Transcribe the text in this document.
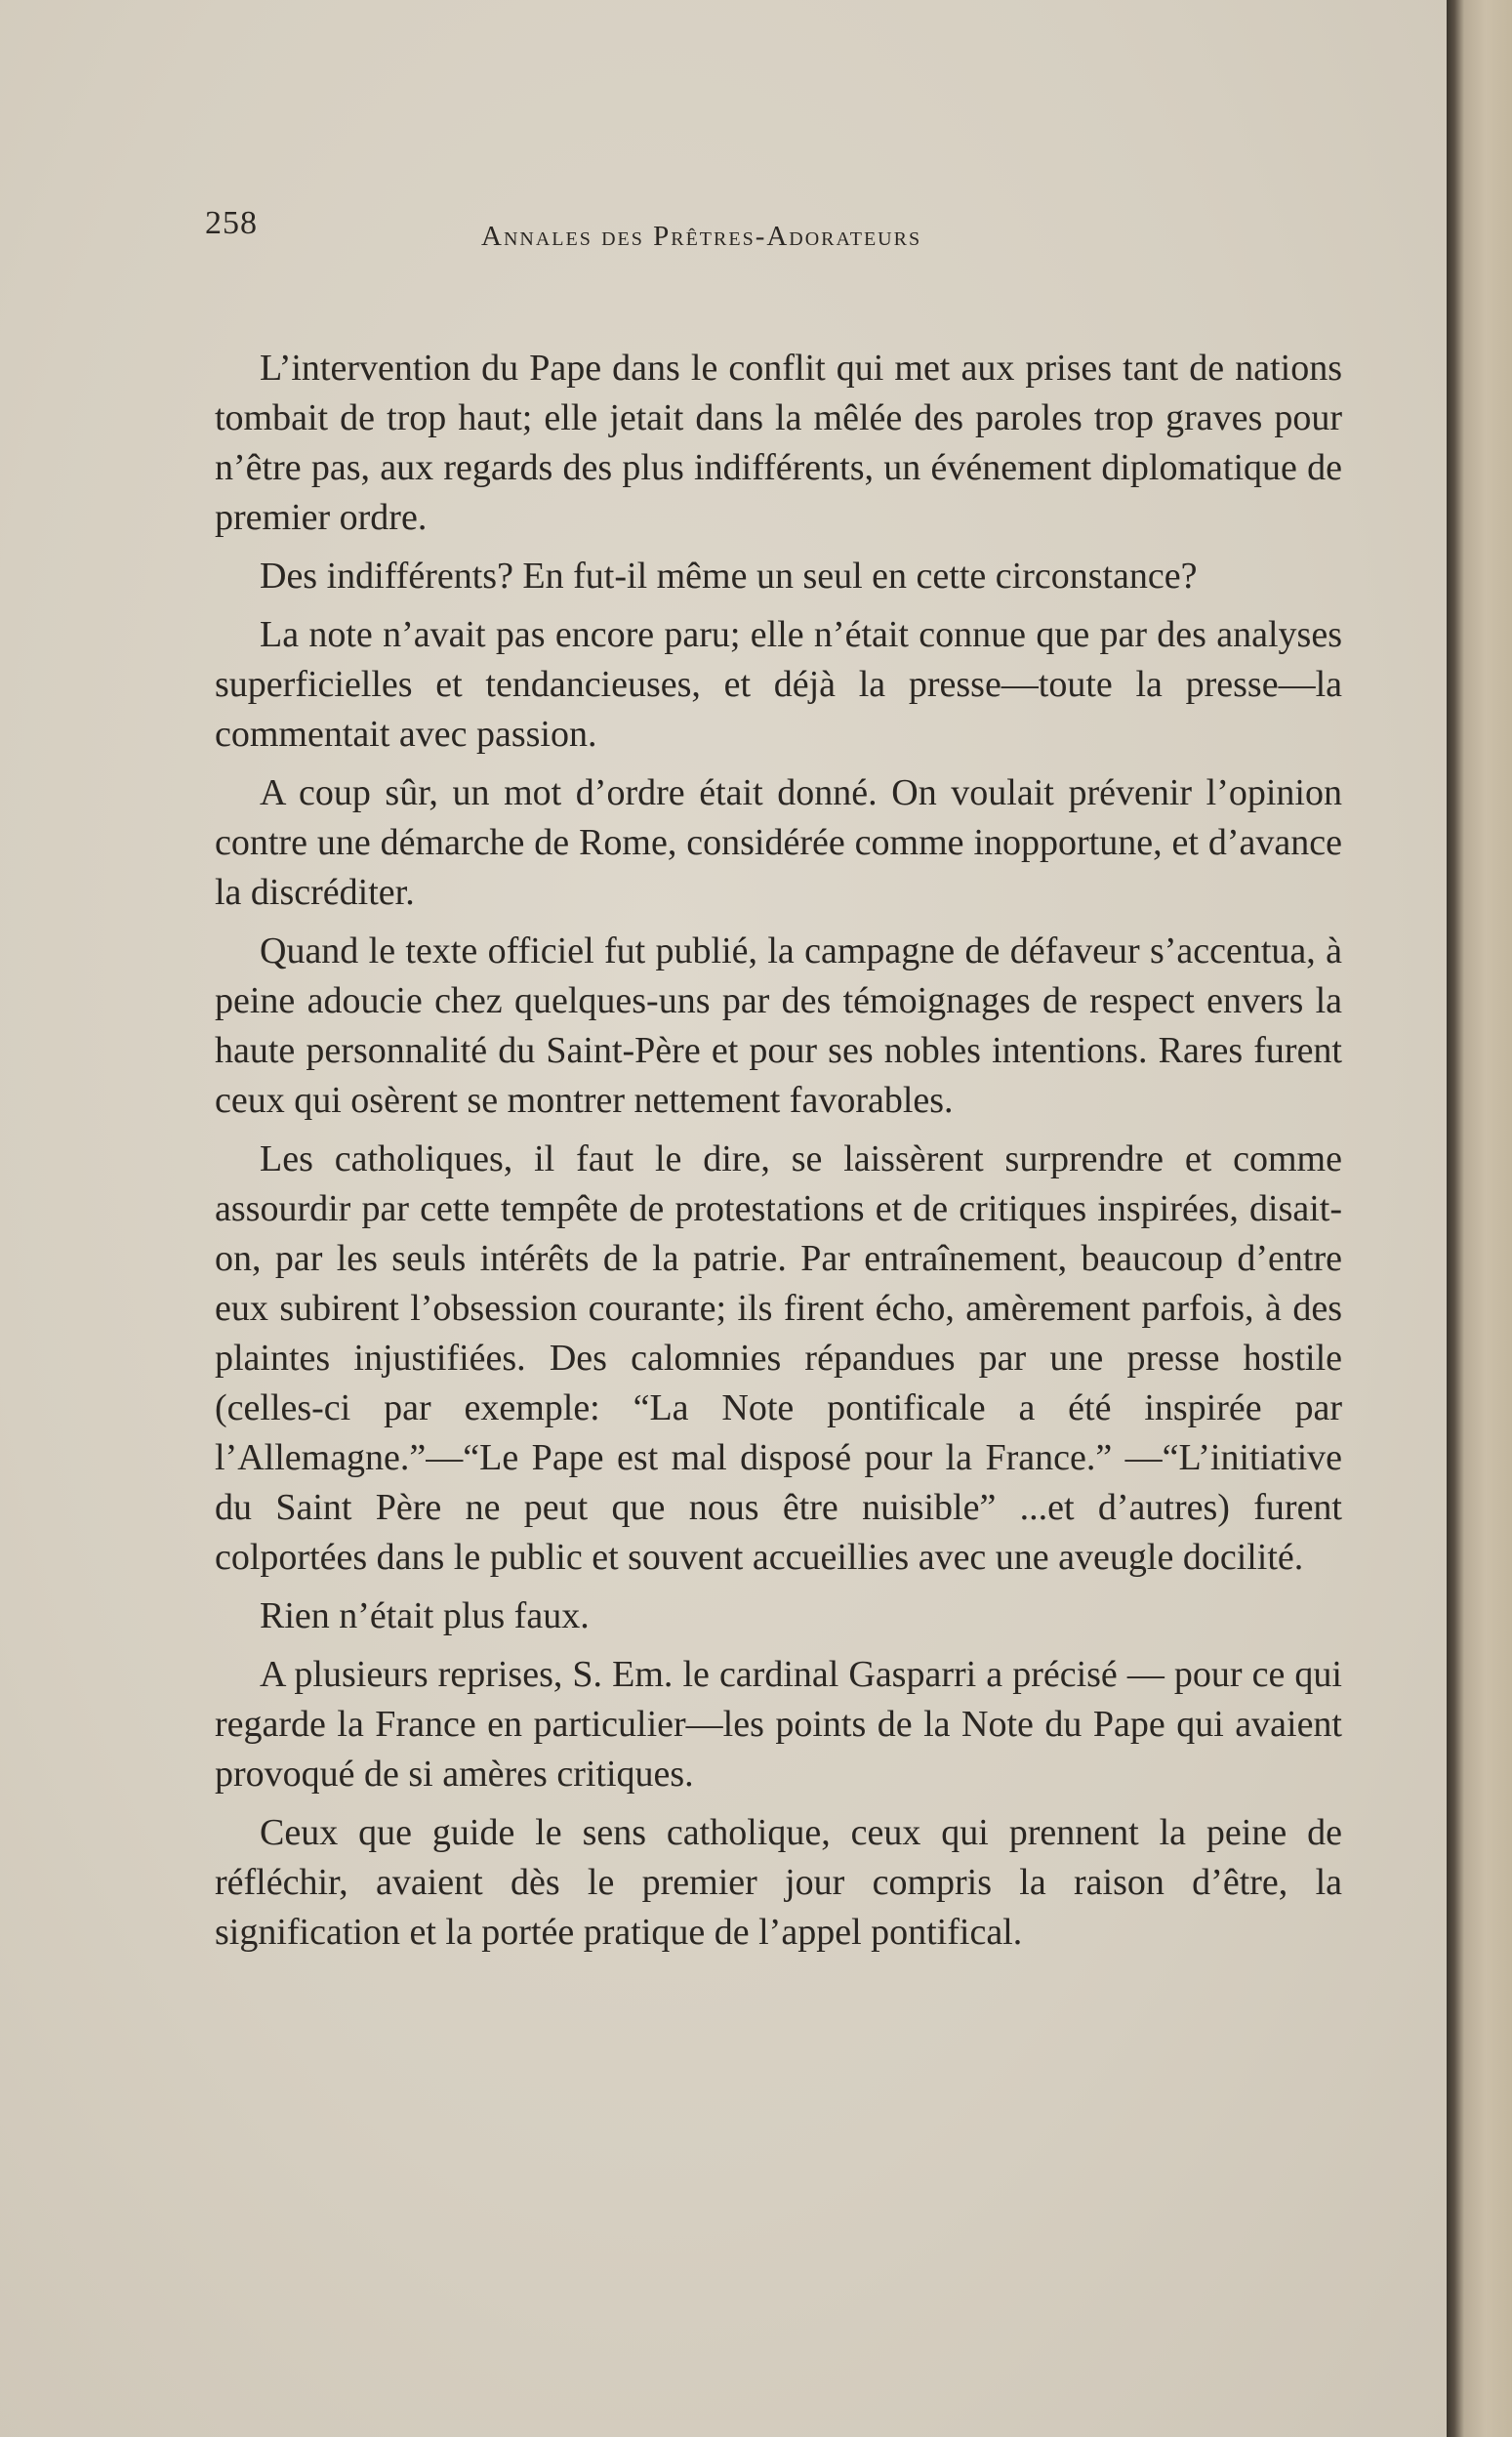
258	Annales des Prêtres-Adorateurs

L’intervention du Pape dans le conflit qui met aux prises tant de nations tombait de trop haut; elle jetait dans la mêlée des paroles trop graves pour n’être pas, aux regards des plus indifférents, un événement diplomatique de premier ordre.

Des indifférents? En fut-il même un seul en cette circonstance?

La note n’avait pas encore paru; elle n’était connue que par des analyses superficielles et tendancieuses, et déjà la presse—toute la presse—la commentait avec passion.

A coup sûr, un mot d’ordre était donné. On voulait prévenir l’opinion contre une démarche de Rome, considérée comme inopportune, et d’avance la discréditer.

Quand le texte officiel fut publié, la campagne de défaveur s’accentua, à peine adoucie chez quelques-uns par des témoignages de respect envers la haute personnalité du Saint-Père et pour ses nobles intentions. Rares furent ceux qui osèrent se montrer nettement favorables.

Les catholiques, il faut le dire, se laissèrent surprendre et comme assourdir par cette tempête de protestations et de critiques inspirées, disait-on, par les seuls intérêts de la patrie. Par entraînement, beaucoup d’entre eux subirent l’obsession courante; ils firent écho, amèrement parfois, à des plaintes injustifiées. Des calomnies répandues par une presse hostile (celles-ci par exemple: “La Note pontificale a été inspirée par l’Allemagne.”—“Le Pape est mal disposé pour la France.” —“L’initiative du Saint Père ne peut que nous être nuisible” ...et d’autres) furent colportées dans le public et souvent accueillies avec une aveugle docilité.

Rien n’était plus faux.

A plusieurs reprises, S. Em. le cardinal Gasparri a précisé — pour ce qui regarde la France en particulier—les points de la Note du Pape qui avaient provoqué de si amères critiques.

Ceux que guide le sens catholique, ceux qui prennent la peine de réfléchir, avaient dès le premier jour compris la raison d’être, la signification et la portée pratique de l’appel pontifical.
